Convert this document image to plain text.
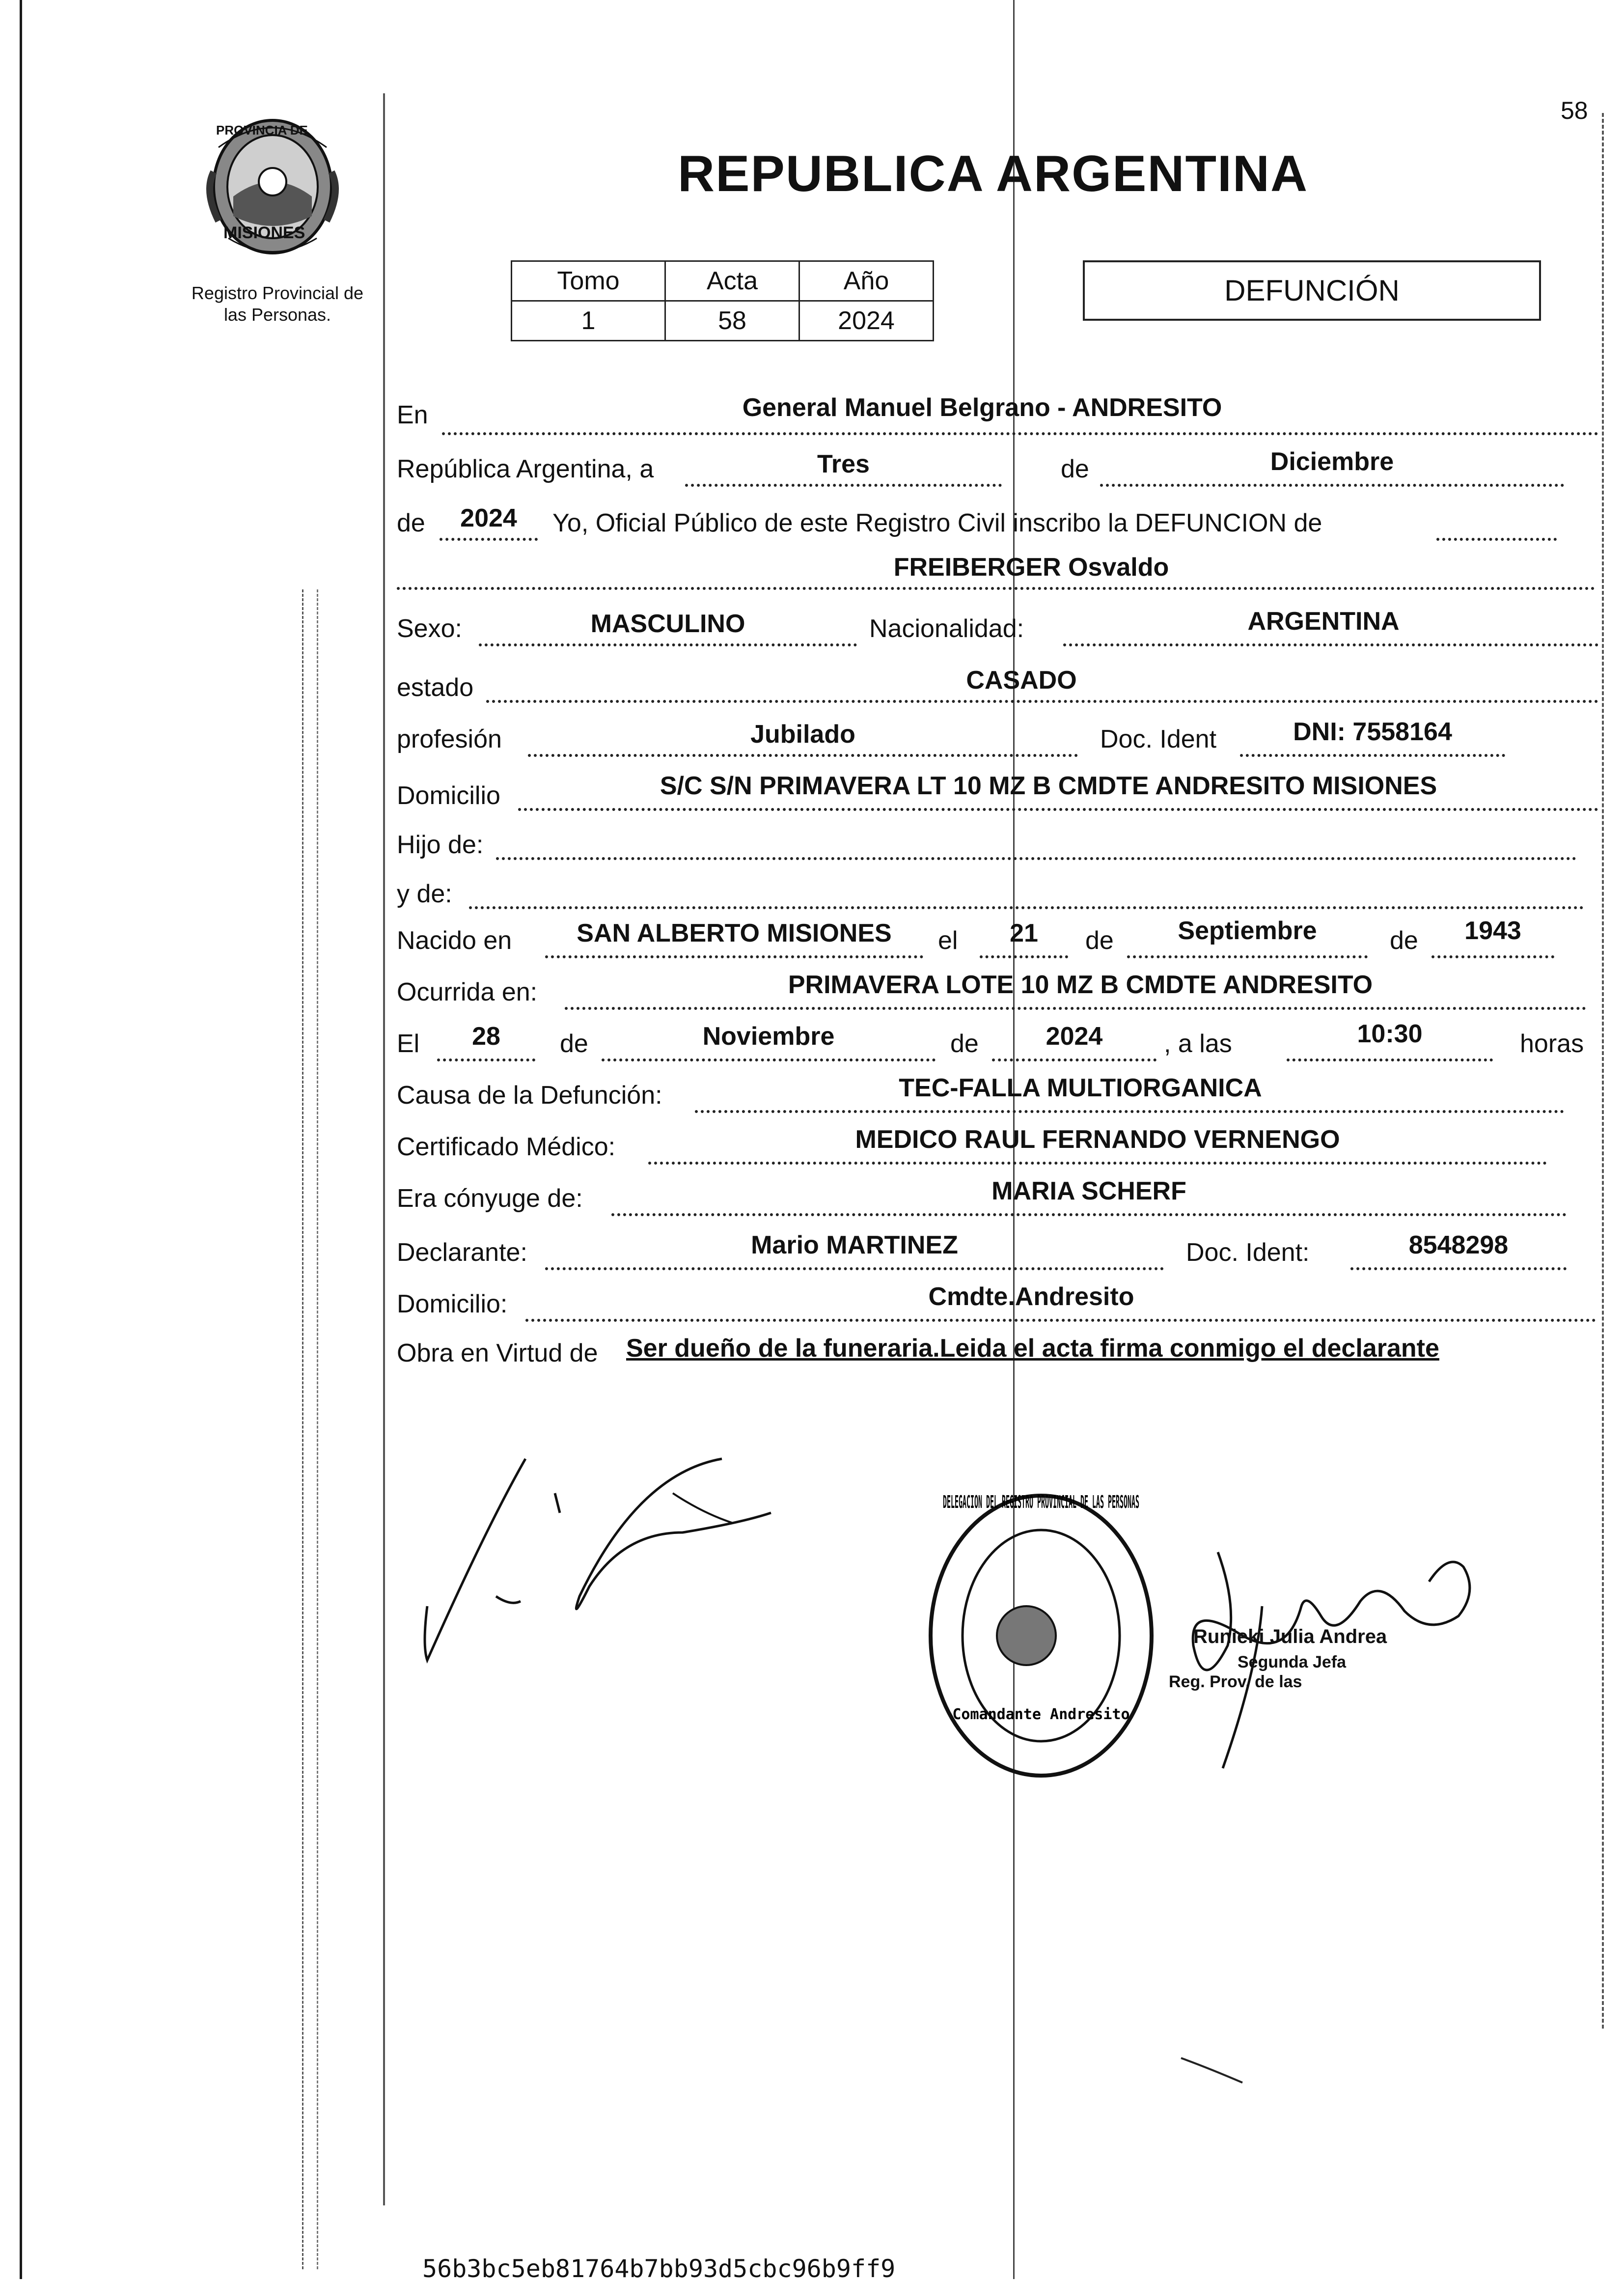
58
Registro Provincial de
las Personas.
PROVINCIA DE
MISIONES
REPUBLICA ARGENTINA
Tomo	Acta	Año
1	58	2024
DEFUNCIÓN
En	General Manuel Belgrano - ANDRESITO
República Argentina, a	Tres	de	Diciembre
de	2024	Yo, Oficial Público de este Registro Civil inscribo la DEFUNCION de
FREIBERGER Osvaldo
Sexo:	MASCULINO	Nacionalidad:	ARGENTINA
estado	CASADO
profesión	Jubilado	Doc. Ident	DNI: 7558164
Domicilio	S/C S/N PRIMAVERA LT 10 MZ B CMDTE ANDRESITO MISIONES
Hijo de:
y de:
Nacido en	SAN ALBERTO MISIONES	el	21	de	Septiembre	de	1943
Ocurrida en:	PRIMAVERA LOTE 10 MZ B CMDTE ANDRESITO
El	28	de	Noviembre	de	2024	, a las	10:30	horas
Causa de la Defunción:	TEC-FALLA MULTIORGANICA
Certificado Médico:	MEDICO RAUL FERNANDO VERNENGO
Era cónyuge de:	MARIA SCHERF
Declarante:	Mario MARTINEZ	Doc. Ident:	8548298
Domicilio:	Cmdte.Andresito
Obra en Virtud de Ser dueño de la funeraria.Leida el acta firma conmigo el declarante
DELEGACION DEL REGISTRO PROVINCIAL DE LAS PERSONAS
Comandante Andresito
Runieki Julia Andrea
Segunda Jefa
Reg. Prov. de las
56b3bc5eb81764b7bb93d5cbc96b9ff9
